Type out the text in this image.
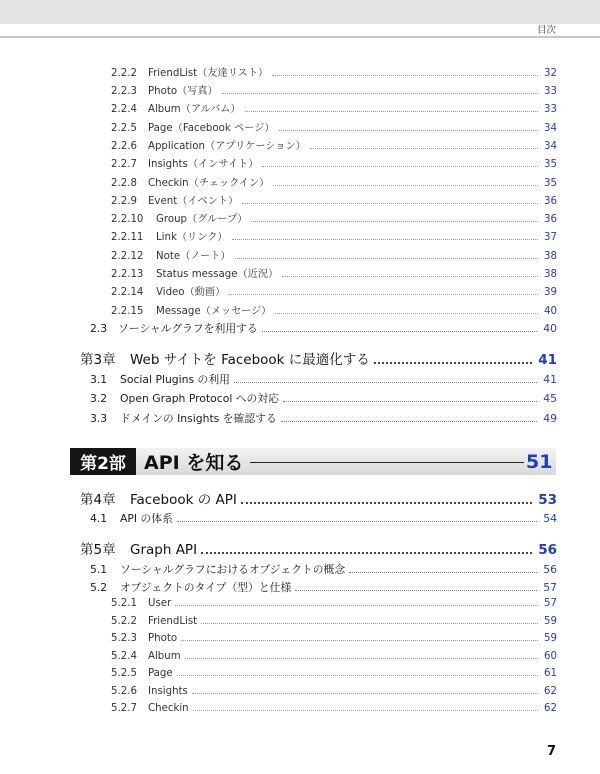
目次
2.2.2	FriendList（友達リスト）	32
2.2.3	Photo（写真）	33
2.2.4	Album（アルバム）	33
2.2.5	Page（Facebook ページ）	34
2.2.6	Application（アプリケーション）	34
2.2.7	Insights（インサイト）	35
2.2.8	Checkin（チェックイン）	35
2.2.9	Event（イベント）	36
2.2.10	Group（グループ）	36
2.2.11	Link（リンク）	37
2.2.12	Note（ノート）	38
2.2.13	Status message（近況）	38
2.2.14	Video（動画）	39
2.2.15	Message（メッセージ）	40
2.3	ソーシャルグラフを利用する	40
第3章	Web サイトを Facebook に最適化する	41
3.1	Social Plugins の利用	41
3.2	Open Graph Protocol への対応	45
3.3	ドメインの Insights を確認する	49
第2部 API を知る	51
第4章	Facebook の API	53
4.1	API の体系	54
第5章	Graph API	56
5.1	ソーシャルグラフにおけるオブジェクトの概念	56
5.2	オブジェクトのタイプ（型）と仕様	57
5.2.1	User	57
5.2.2	FriendList	59
5.2.3	Photo	59
5.2.4	Album	60
5.2.5	Page	61
5.2.6	Insights	62
5.2.7	Checkin	62
7
